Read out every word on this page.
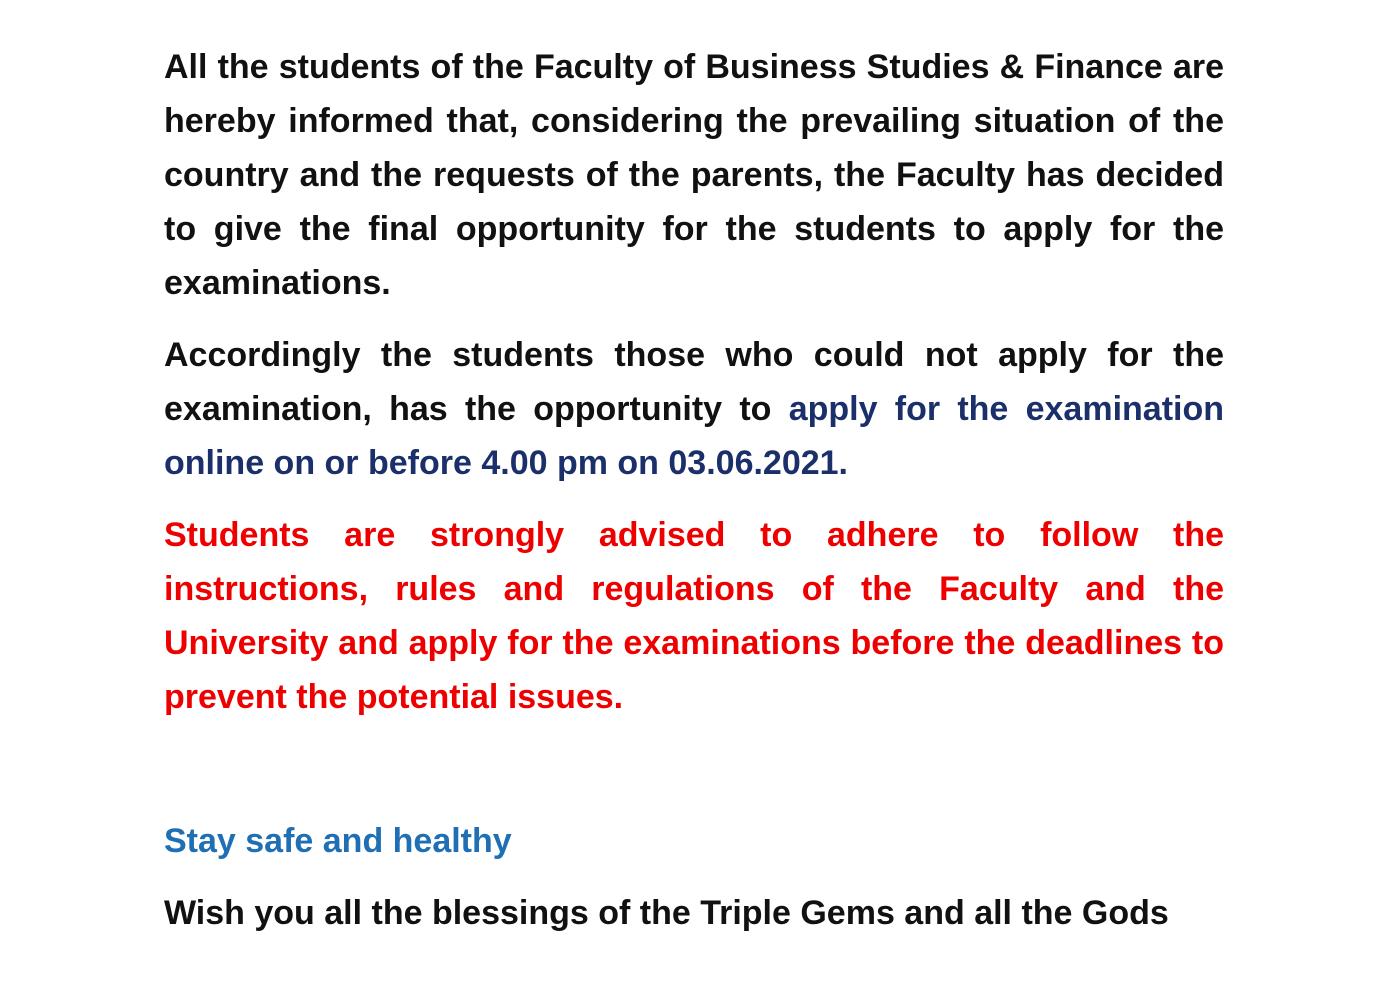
All the students of the Faculty of Business Studies & Finance are hereby informed that, considering the prevailing situation of the country and the requests of the parents, the Faculty has decided to give the final opportunity for the students to apply for the examinations.

Accordingly the students those who could not apply for the examination, has the opportunity to apply for the examination online on or before 4.00 pm on 03.06.2021.

Students are strongly advised to adhere to follow the instructions, rules and regulations of the Faculty and the University and apply for the examinations before the deadlines to prevent the potential issues.

Stay safe and healthy

Wish you all the blessings of the Triple Gems and all the Gods
